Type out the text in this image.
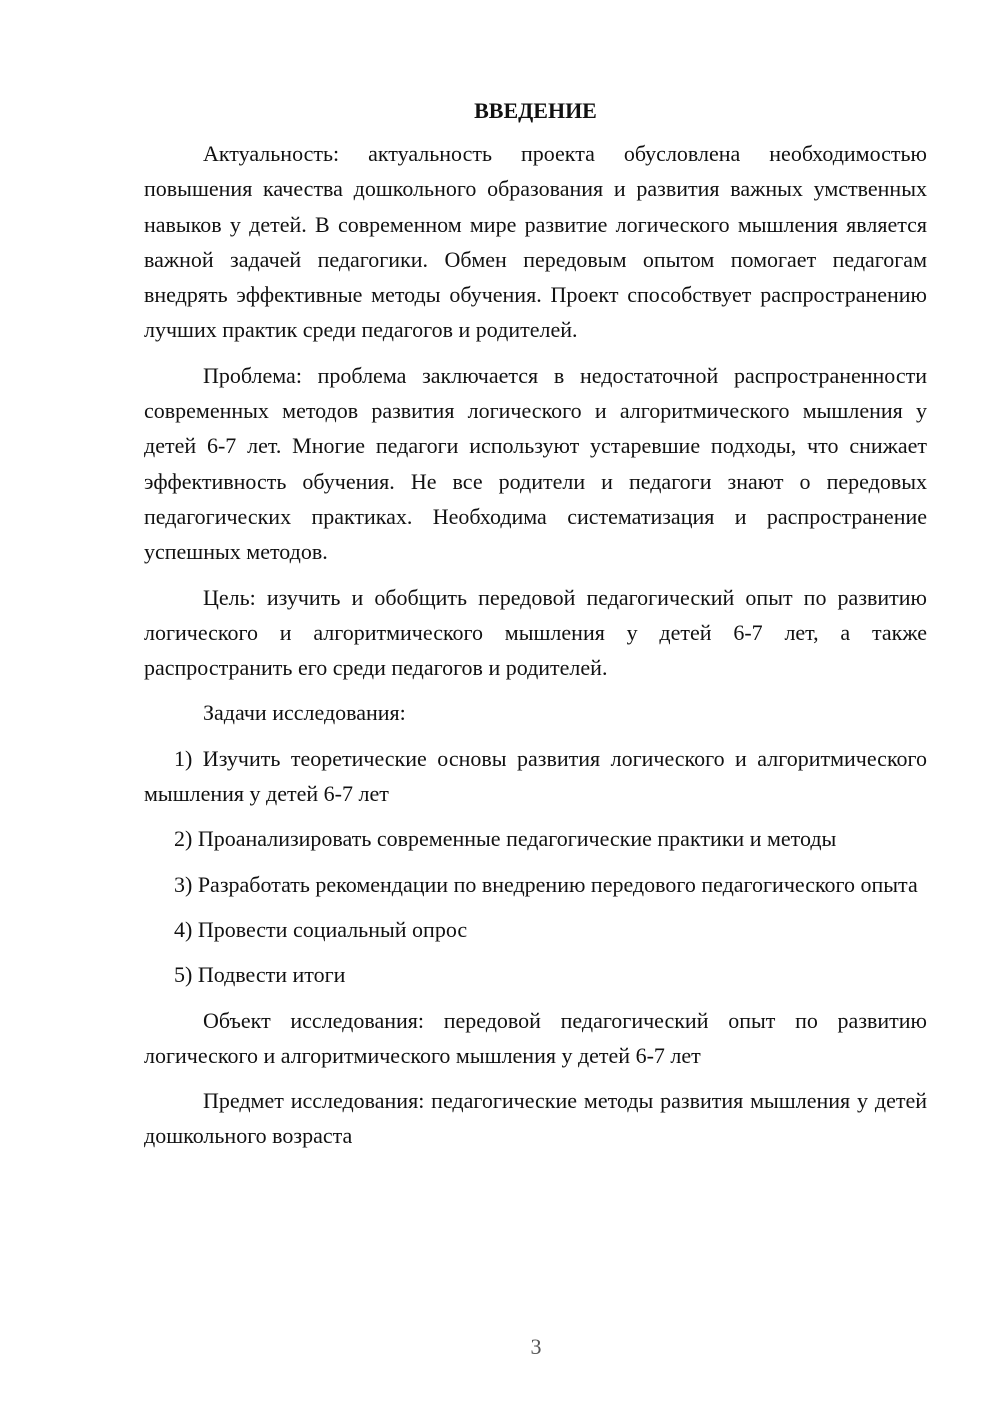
ВВЕДЕНИЕ

Актуальность: актуальность проекта обусловлена необходимостью повышения качества дошкольного образования и развития важных умственных навыков у детей. В современном мире развитие логического мышления является важной задачей педагогики. Обмен передовым опытом помогает педагогам внедрять эффективные методы обучения. Проект способствует распространению лучших практик среди педагогов и родителей.

Проблема: проблема заключается в недостаточной распространенности современных методов развития логического и алгоритмического мышления у детей 6-7 лет. Многие педагоги используют устаревшие подходы, что снижает эффективность обучения. Не все родители и педагоги знают о передовых педагогических практиках. Необходима систематизация и распространение успешных методов.

Цель: изучить и обобщить передовой педагогический опыт по развитию логического и алгоритмического мышления у детей 6-7 лет, а также распространить его среди педагогов и родителей.

Задачи исследования:

1) Изучить теоретические основы развития логического и алгоритмического мышления у детей 6-7 лет

2) Проанализировать современные педагогические практики и методы

3) Разработать рекомендации по внедрению передового педагогического опыта

4) Провести социальный опрос

5) Подвести итоги

Объект исследования: передовой педагогический опыт по развитию логического и алгоритмического мышления у детей 6-7 лет

Предмет исследования: педагогические методы развития мышления у детей дошкольного возраста

3
